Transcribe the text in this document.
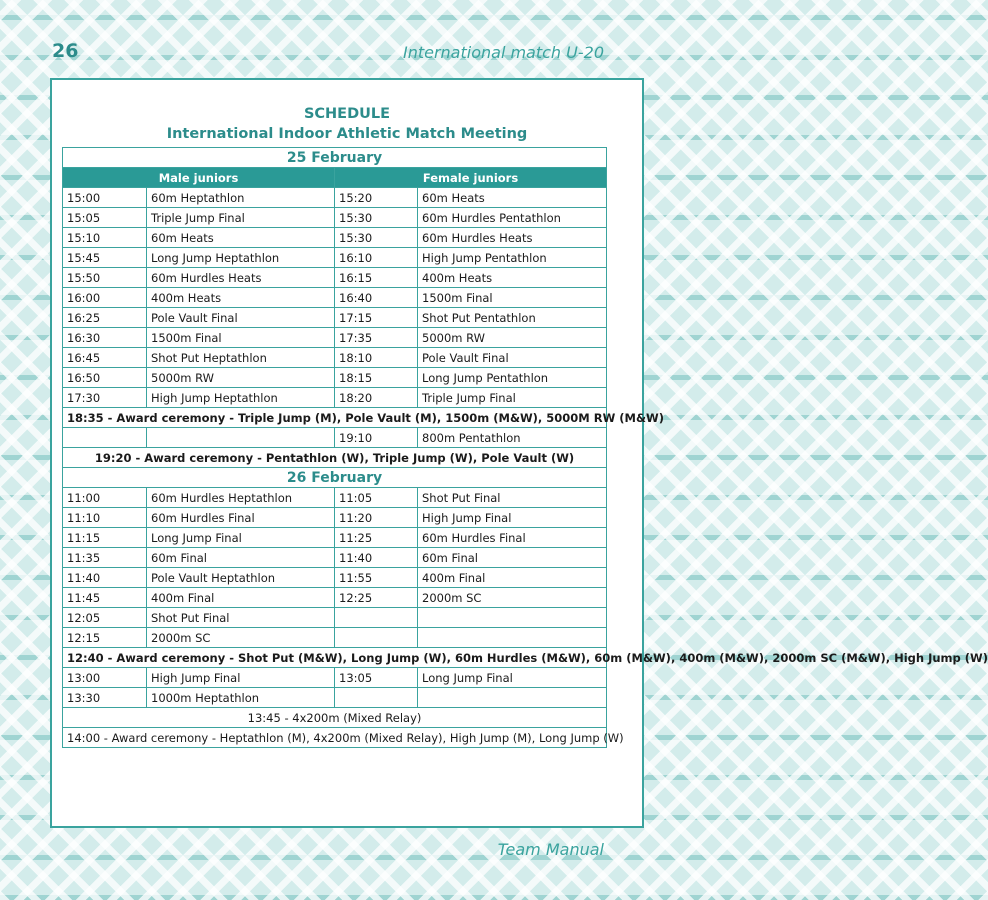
26	International match U-20
SCHEDULE
International Indoor Athletic Match Meeting
25 February			
Male juniors		Female juniors	
15:00	60m Heptathlon	15:20	60m Heats
15:05	Triple Jump Final	15:30	60m Hurdles Pentathlon
15:10	60m Heats	15:30	60m Hurdles Heats
15:45	Long Jump Heptathlon	16:10	High Jump Pentathlon
15:50	60m Hurdles Heats	16:15	400m Heats
16:00	400m Heats	16:40	1500m Final
16:25	Pole Vault Final	17:15	Shot Put Pentathlon
16:30	1500m Final	17:35	5000m RW
16:45	Shot Put Heptathlon	18:10	Pole Vault Final
16:50	5000m RW	18:15	Long Jump Pentathlon
17:30	High Jump Heptathlon	18:20	Triple Jump Final
18:35 - Award ceremony - Triple Jump (M), Pole Vault (M), 1500m (M&W), 5000M RW (M&W)			
		19:10	800m Pentathlon
19:20 - Award ceremony - Pentathlon (W), Triple Jump (W), Pole Vault (W)			
26 February			
11:00	60m Hurdles Heptathlon	11:05	Shot Put Final
11:10	60m Hurdles Final	11:20	High Jump Final
11:15	Long Jump Final	11:25	60m Hurdles Final
11:35	60m Final	11:40	60m Final
11:40	Pole Vault Heptathlon	11:55	400m Final
11:45	400m Final	12:25	2000m SC
12:05	Shot Put Final		
12:15	2000m SC		
12:40 - Award ceremony - Shot Put (M&W), Long Jump (W), 60m Hurdles (M&W), 60m (M&W), 400m (M&W), 2000m SC (M&W), High Jump (W)			
13:00	High Jump Final	13:05	Long Jump Final
13:30	1000m Heptathlon		
13:45 - 4x200m (Mixed Relay)			
14:00 - Award ceremony - Heptathlon (M), 4x200m (Mixed Relay), High Jump (M), Long Jump (W)			
Team Manual
